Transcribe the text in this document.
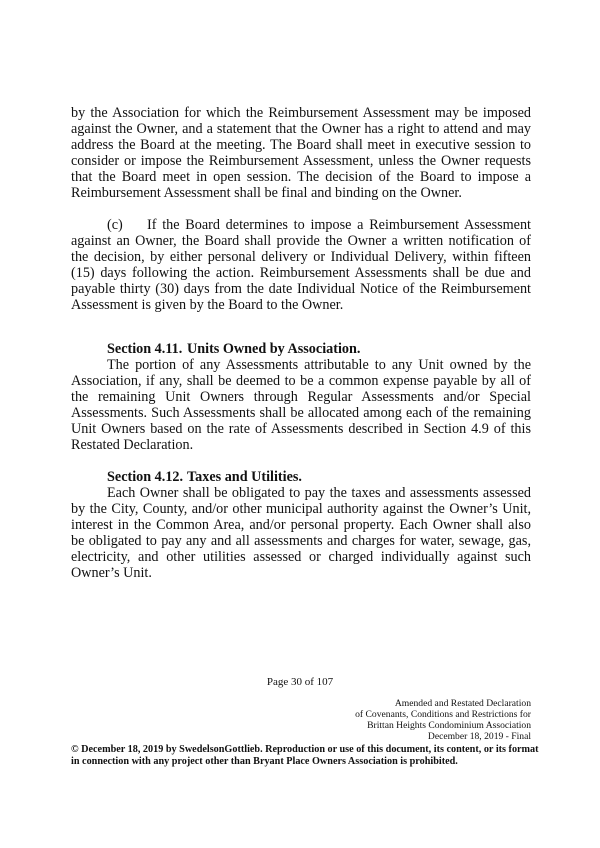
by the Association for which the Reimbursement Assessment may be imposed against the Owner, and a statement that the Owner has a right to attend and may address the Board at the meeting. The Board shall meet in executive session to consider or impose the Reimbursement Assessment, unless the Owner requests that the Board meet in open session. The decision of the Board to impose a Reimbursement Assessment shall be final and binding on the Owner.

(c) If the Board determines to impose a Reimbursement Assessment against an Owner, the Board shall provide the Owner a written notification of the decision, by either personal delivery or Individual Delivery, within fifteen (15) days following the action. Reimbursement Assessments shall be due and payable thirty (30) days from the date Individual Notice of the Reimbursement Assessment is given by the Board to the Owner.

Section 4.11. Units Owned by Association.

The portion of any Assessments attributable to any Unit owned by the Association, if any, shall be deemed to be a common expense payable by all of the remaining Unit Owners through Regular Assessments and/or Special Assessments. Such Assessments shall be allocated among each of the remaining Unit Owners based on the rate of Assessments described in Section 4.9 of this Restated Declaration.

Section 4.12. Taxes and Utilities.

Each Owner shall be obligated to pay the taxes and assessments assessed by the City, County, and/or other municipal authority against the Owner’s Unit, interest in the Common Area, and/or personal property. Each Owner shall also be obligated to pay any and all assessments and charges for water, sewage, gas, electricity, and other utilities assessed or charged individually against such Owner’s Unit.

Page 30 of 107
Amended and Restated Declaration
of Covenants, Conditions and Restrictions for
Brittan Heights Condominium Association
December 18, 2019 - Final
© December 18, 2019 by SwedelsonGottlieb. Reproduction or use of this document, its content, or its format in connection with any project other than Bryant Place Owners Association is prohibited.
